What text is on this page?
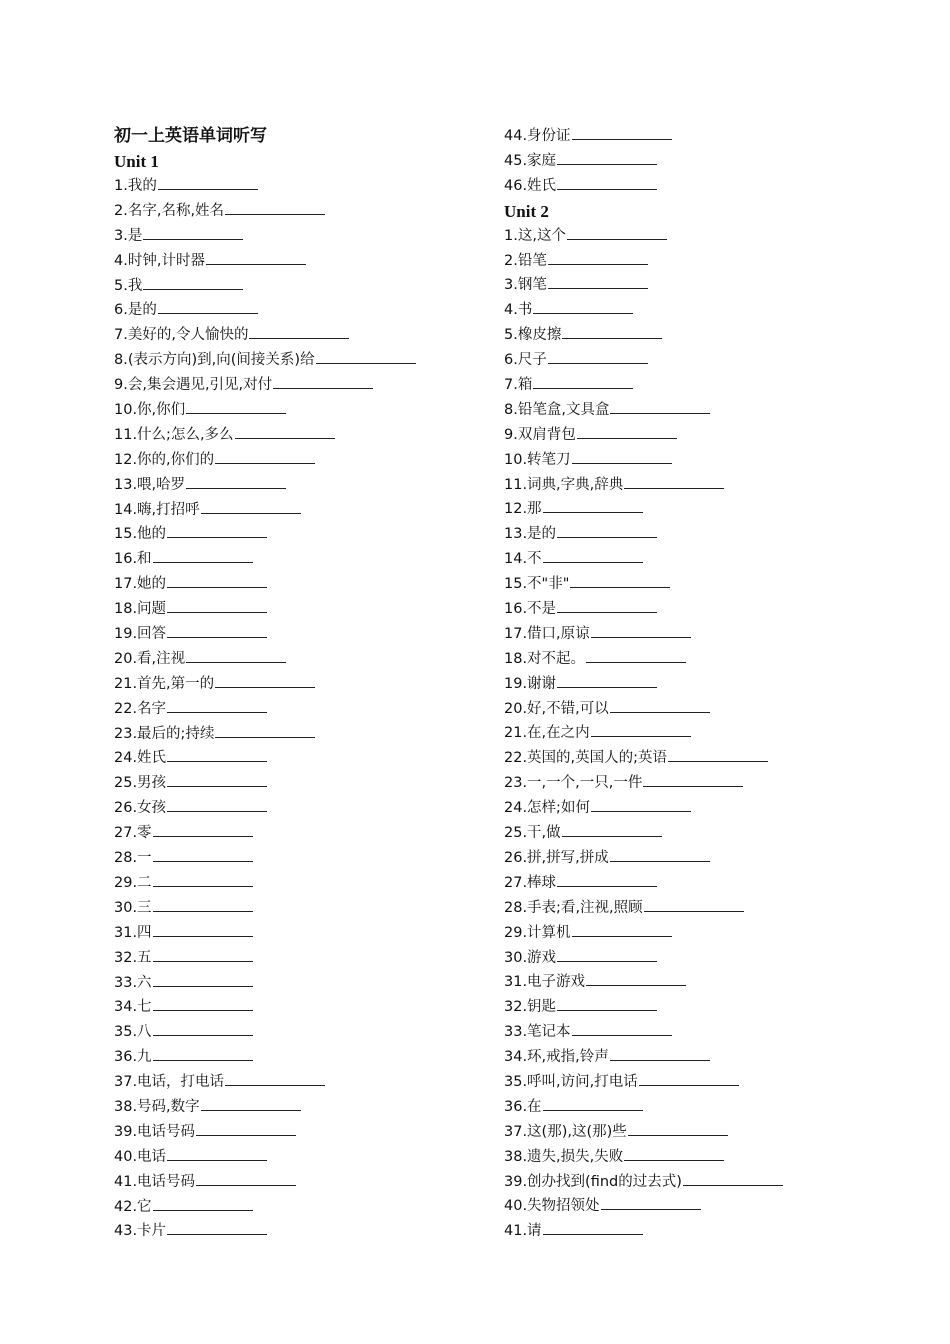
初一上英语单词听写
Unit 1
1.我的
2.名字,名称,姓名
3.是
4.时钟,计时器
5.我
6.是的
7.美好的,令人愉快的
8.(表示方向)到,向(间接关系)给
9.会,集会遇见,引见,对付
10.你,你们
11.什么;怎么,多么
12.你的,你们的
13.喂,哈罗
14.嗨,打招呼
15.他的
16.和
17.她的
18.问题
19.回答
20.看,注视
21.首先,第一的
22.名字
23.最后的;持续
24.姓氏
25.男孩
26.女孩
27.零
28.一
29.二
30.三
31.四
32.五
33.六
34.七
35.八
36.九
37.电话，打电话
38.号码,数字
39.电话号码
40.电话
41.电话号码
42.它
43.卡片
44.身份证
45.家庭
46.姓氏
Unit 2
1.这,这个
2.铅笔
3.钢笔
4.书
5.橡皮擦
6.尺子
7.箱
8.铅笔盒,文具盒
9.双肩背包
10.转笔刀
11.词典,字典,辞典
12.那
13.是的
14.不
15.不"非"
16.不是
17.借口,原谅
18.对不起。
19.谢谢
20.好,不错,可以
21.在,在之内
22.英国的,英国人的;英语
23.一,一个,一只,一件
24.怎样;如何
25.干,做
26.拼,拼写,拼成
27.棒球
28.手表;看,注视,照顾
29.计算机
30.游戏
31.电子游戏
32.钥匙
33.笔记本
34.环,戒指,铃声
35.呼叫,访问,打电话
36.在
37.这(那),这(那)些
38.遗失,损失,失败
39.创办找到(find的过去式)
40.失物招领处
41.请
